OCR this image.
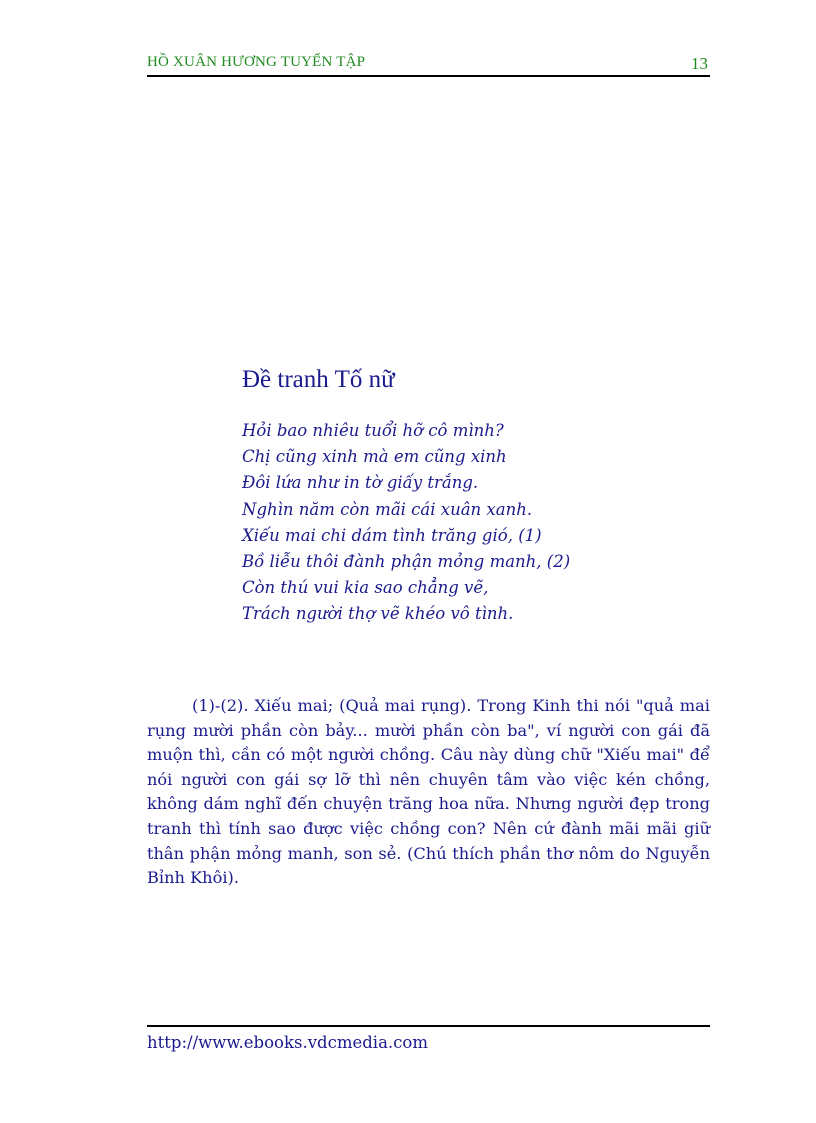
HỒ XUÂN HƯƠNG TUYỂN TẬP	13
Đề tranh Tố nữ
Hỏi bao nhiêu tuổi hỡ cô mình?
Chị cũng xinh mà em cũng xinh
Đôi lứa như in tờ giấy trắng.
Nghìn năm còn mãi cái xuân xanh.
Xiếu mai chi dám tình trăng gió, (1)
Bồ liễu thôi đành phận mỏng manh, (2)
Còn thú vui kia sao chẳng vẽ,
Trách người thợ vẽ khéo vô tình.

(1)-(2). Xiếu mai; (Quả mai rụng). Trong Kinh thi nói "quả mai rụng mười phần còn bảy... mười phần còn ba", ví người con gái đã muộn thì, cần có một người chồng. Câu này dùng chữ "Xiếu mai" để nói người con gái sợ lỡ thì nên chuyên tâm vào việc kén chồng, không dám nghĩ đến chuyện trăng hoa nữa. Nhưng người đẹp trong tranh thì tính sao được việc chồng con? Nên cứ đành mãi mãi giữ thân phận mỏng manh, son sẻ. (Chú thích phần thơ nôm do Nguyễn Bỉnh Khôi).

http://www.ebooks.vdcmedia.com
